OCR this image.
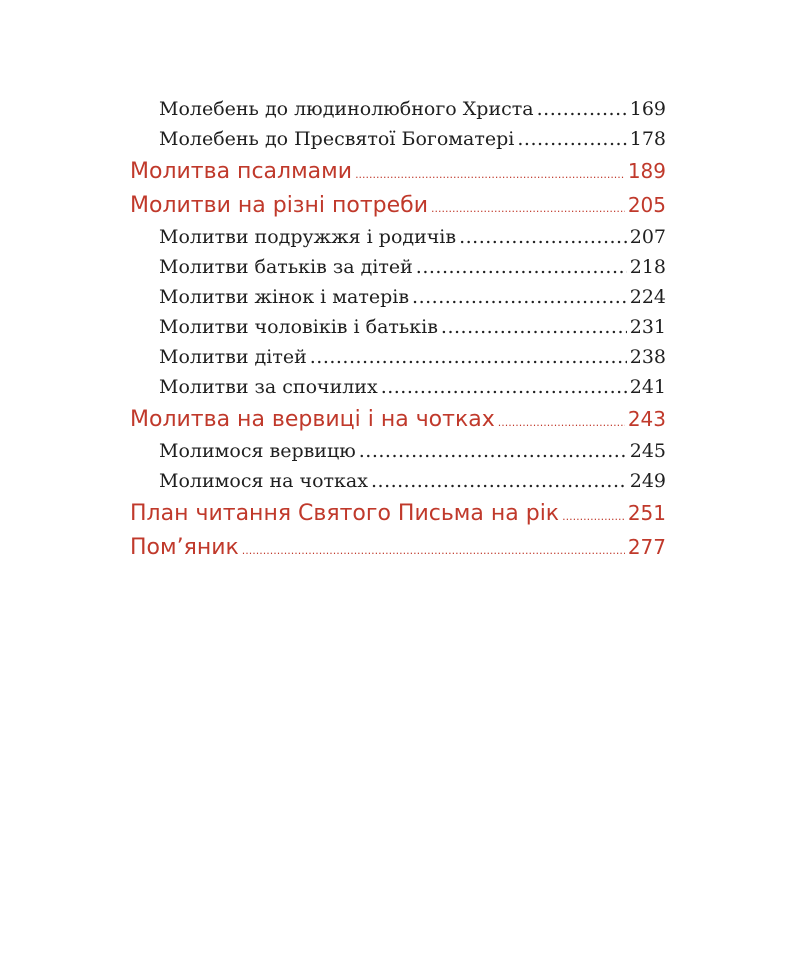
Молебень до людинолюбного Христа .....	169
Молебень до Пресвятої Богоматері .....	178
Молитва псалмами .....	189
Молитви на різні потреби .....	205
Молитви подружжя і родичів .....	207
Молитви батьків за дітей .....	218
Молитви жінок і матерів .....	224
Молитви чоловіків і батьків .....	231
Молитви дітей .....	238
Молитви за спочилих .....	241
Молитва на вервиці і на чотках .....	243
Молимося вервицю .....	245
Молимося на чотках .....	249
План читання Святого Письма на рік .....	251
Пом’яник .....	277
